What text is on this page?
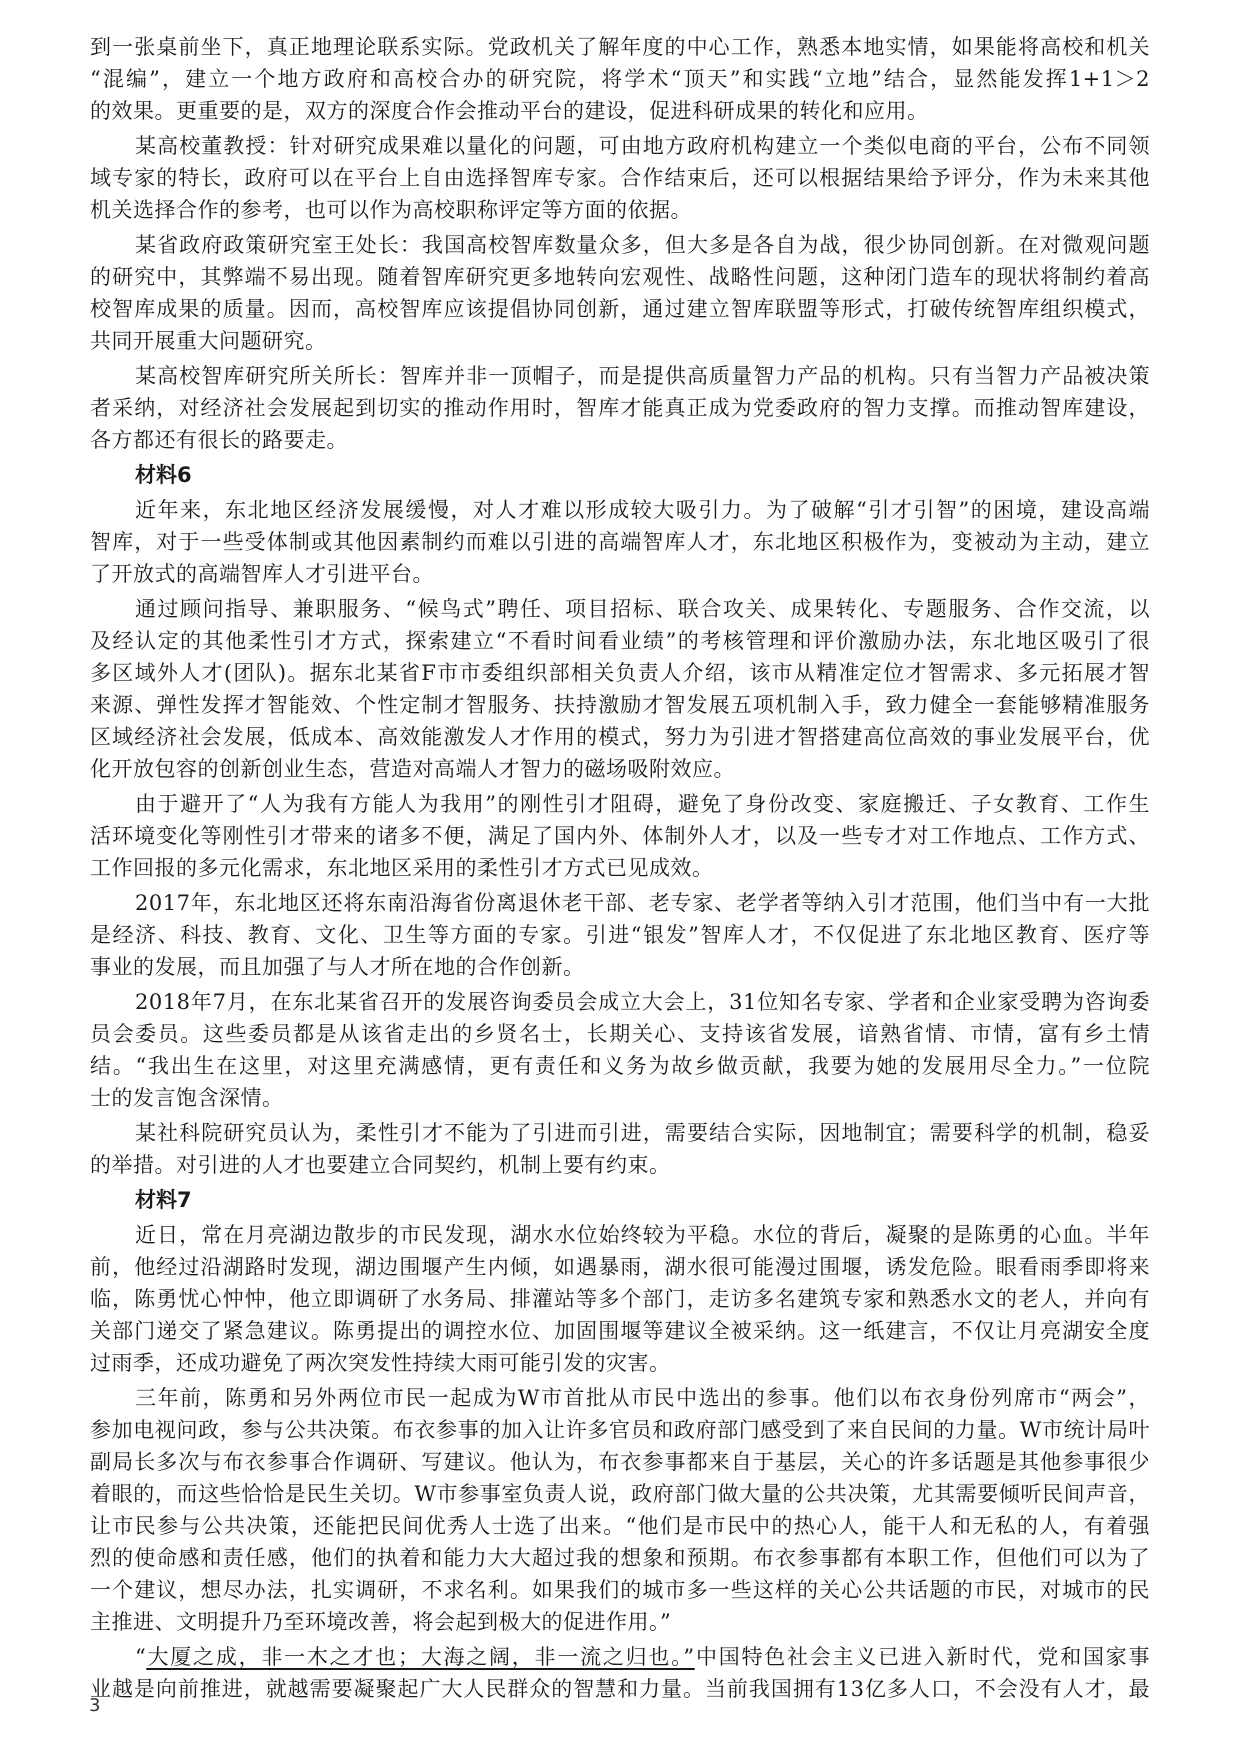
到一张桌前坐下，真正地理论联系实际。党政机关了解年度的中心工作，熟悉本地实情，如果能将高校和机关
“混编”，建立一个地方政府和高校合办的研究院，将学术“顶天”和实践“立地”结合，显然能发挥1+1＞2
的效果。更重要的是，双方的深度合作会推动平台的建设，促进科研成果的转化和应用。
某高校董教授：针对研究成果难以量化的问题，可由地方政府机构建立一个类似电商的平台，公布不同领
域专家的特长，政府可以在平台上自由选择智库专家。合作结束后，还可以根据结果给予评分，作为未来其他
机关选择合作的参考，也可以作为高校职称评定等方面的依据。
某省政府政策研究室王处长：我国高校智库数量众多，但大多是各自为战，很少协同创新。在对微观问题
的研究中，其弊端不易出现。随着智库研究更多地转向宏观性、战略性问题，这种闭门造车的现状将制约着高
校智库成果的质量。因而，高校智库应该提倡协同创新，通过建立智库联盟等形式，打破传统智库组织模式，
共同开展重大问题研究。
某高校智库研究所关所长：智库并非一顶帽子，而是提供高质量智力产品的机构。只有当智力产品被决策
者采纳，对经济社会发展起到切实的推动作用时，智库才能真正成为党委政府的智力支撑。而推动智库建设，
各方都还有很长的路要走。
材料6
近年来，东北地区经济发展缓慢，对人才难以形成较大吸引力。为了破解“引才引智”的困境，建设高端
智库，对于一些受体制或其他因素制约而难以引进的高端智库人才，东北地区积极作为，变被动为主动，建立
了开放式的高端智库人才引进平台。
通过顾问指导、兼职服务、“候鸟式”聘任、项目招标、联合攻关、成果转化、专题服务、合作交流，以
及经认定的其他柔性引才方式，探索建立“不看时间看业绩”的考核管理和评价激励办法，东北地区吸引了很
多区域外人才(团队)。据东北某省F市市委组织部相关负责人介绍，该市从精准定位才智需求、多元拓展才智
来源、弹性发挥才智能效、个性定制才智服务、扶持激励才智发展五项机制入手，致力健全一套能够精准服务
区域经济社会发展，低成本、高效能激发人才作用的模式，努力为引进才智搭建高位高效的事业发展平台，优
化开放包容的创新创业生态，营造对高端人才智力的磁场吸附效应。
由于避开了“人为我有方能人为我用”的刚性引才阻碍，避免了身份改变、家庭搬迁、子女教育、工作生
活环境变化等刚性引才带来的诸多不便，满足了国内外、体制外人才，以及一些专才对工作地点、工作方式、
工作回报的多元化需求，东北地区采用的柔性引才方式已见成效。
2017年，东北地区还将东南沿海省份离退休老干部、老专家、老学者等纳入引才范围，他们当中有一大批
是经济、科技、教育、文化、卫生等方面的专家。引进“银发”智库人才，不仅促进了东北地区教育、医疗等
事业的发展，而且加强了与人才所在地的合作创新。
2018年7月，在东北某省召开的发展咨询委员会成立大会上，31位知名专家、学者和企业家受聘为咨询委
员会委员。这些委员都是从该省走出的乡贤名士，长期关心、支持该省发展，谙熟省情、市情，富有乡土情
结。“我出生在这里，对这里充满感情，更有责任和义务为故乡做贡献，我要为她的发展用尽全力。”一位院
士的发言饱含深情。
某社科院研究员认为，柔性引才不能为了引进而引进，需要结合实际，因地制宜；需要科学的机制，稳妥
的举措。对引进的人才也要建立合同契约，机制上要有约束。
材料7
近日，常在月亮湖边散步的市民发现，湖水水位始终较为平稳。水位的背后，凝聚的是陈勇的心血。半年
前，他经过沿湖路时发现，湖边围堰产生内倾，如遇暴雨，湖水很可能漫过围堰，诱发危险。眼看雨季即将来
临，陈勇忧心忡忡，他立即调研了水务局、排灌站等多个部门，走访多名建筑专家和熟悉水文的老人，并向有
关部门递交了紧急建议。陈勇提出的调控水位、加固围堰等建议全被采纳。这一纸建言，不仅让月亮湖安全度
过雨季，还成功避免了两次突发性持续大雨可能引发的灾害。
三年前，陈勇和另外两位市民一起成为W市首批从市民中选出的参事。他们以布衣身份列席市“两会”，
参加电视问政，参与公共决策。布衣参事的加入让许多官员和政府部门感受到了来自民间的力量。W市统计局叶
副局长多次与布衣参事合作调研、写建议。他认为，布衣参事都来自于基层，关心的许多话题是其他参事很少
着眼的，而这些恰恰是民生关切。W市参事室负责人说，政府部门做大量的公共决策，尤其需要倾听民间声音，
让市民参与公共决策，还能把民间优秀人士选了出来。“他们是市民中的热心人，能干人和无私的人，有着强
烈的使命感和责任感，他们的执着和能力大大超过我的想象和预期。布衣参事都有本职工作，但他们可以为了
一个建议，想尽办法，扎实调研，不求名利。如果我们的城市多一些这样的关心公共话题的市民，对城市的民
主推进、文明提升乃至环境改善，将会起到极大的促进作用。”
“大厦之成，非一木之才也；大海之阔，非一流之归也。”中国特色社会主义已进入新时代，党和国家事
业越是向前推进，就越需要凝聚起广大人民群众的智慧和力量。当前我国拥有13亿多人口，不会没有人才，最
3
